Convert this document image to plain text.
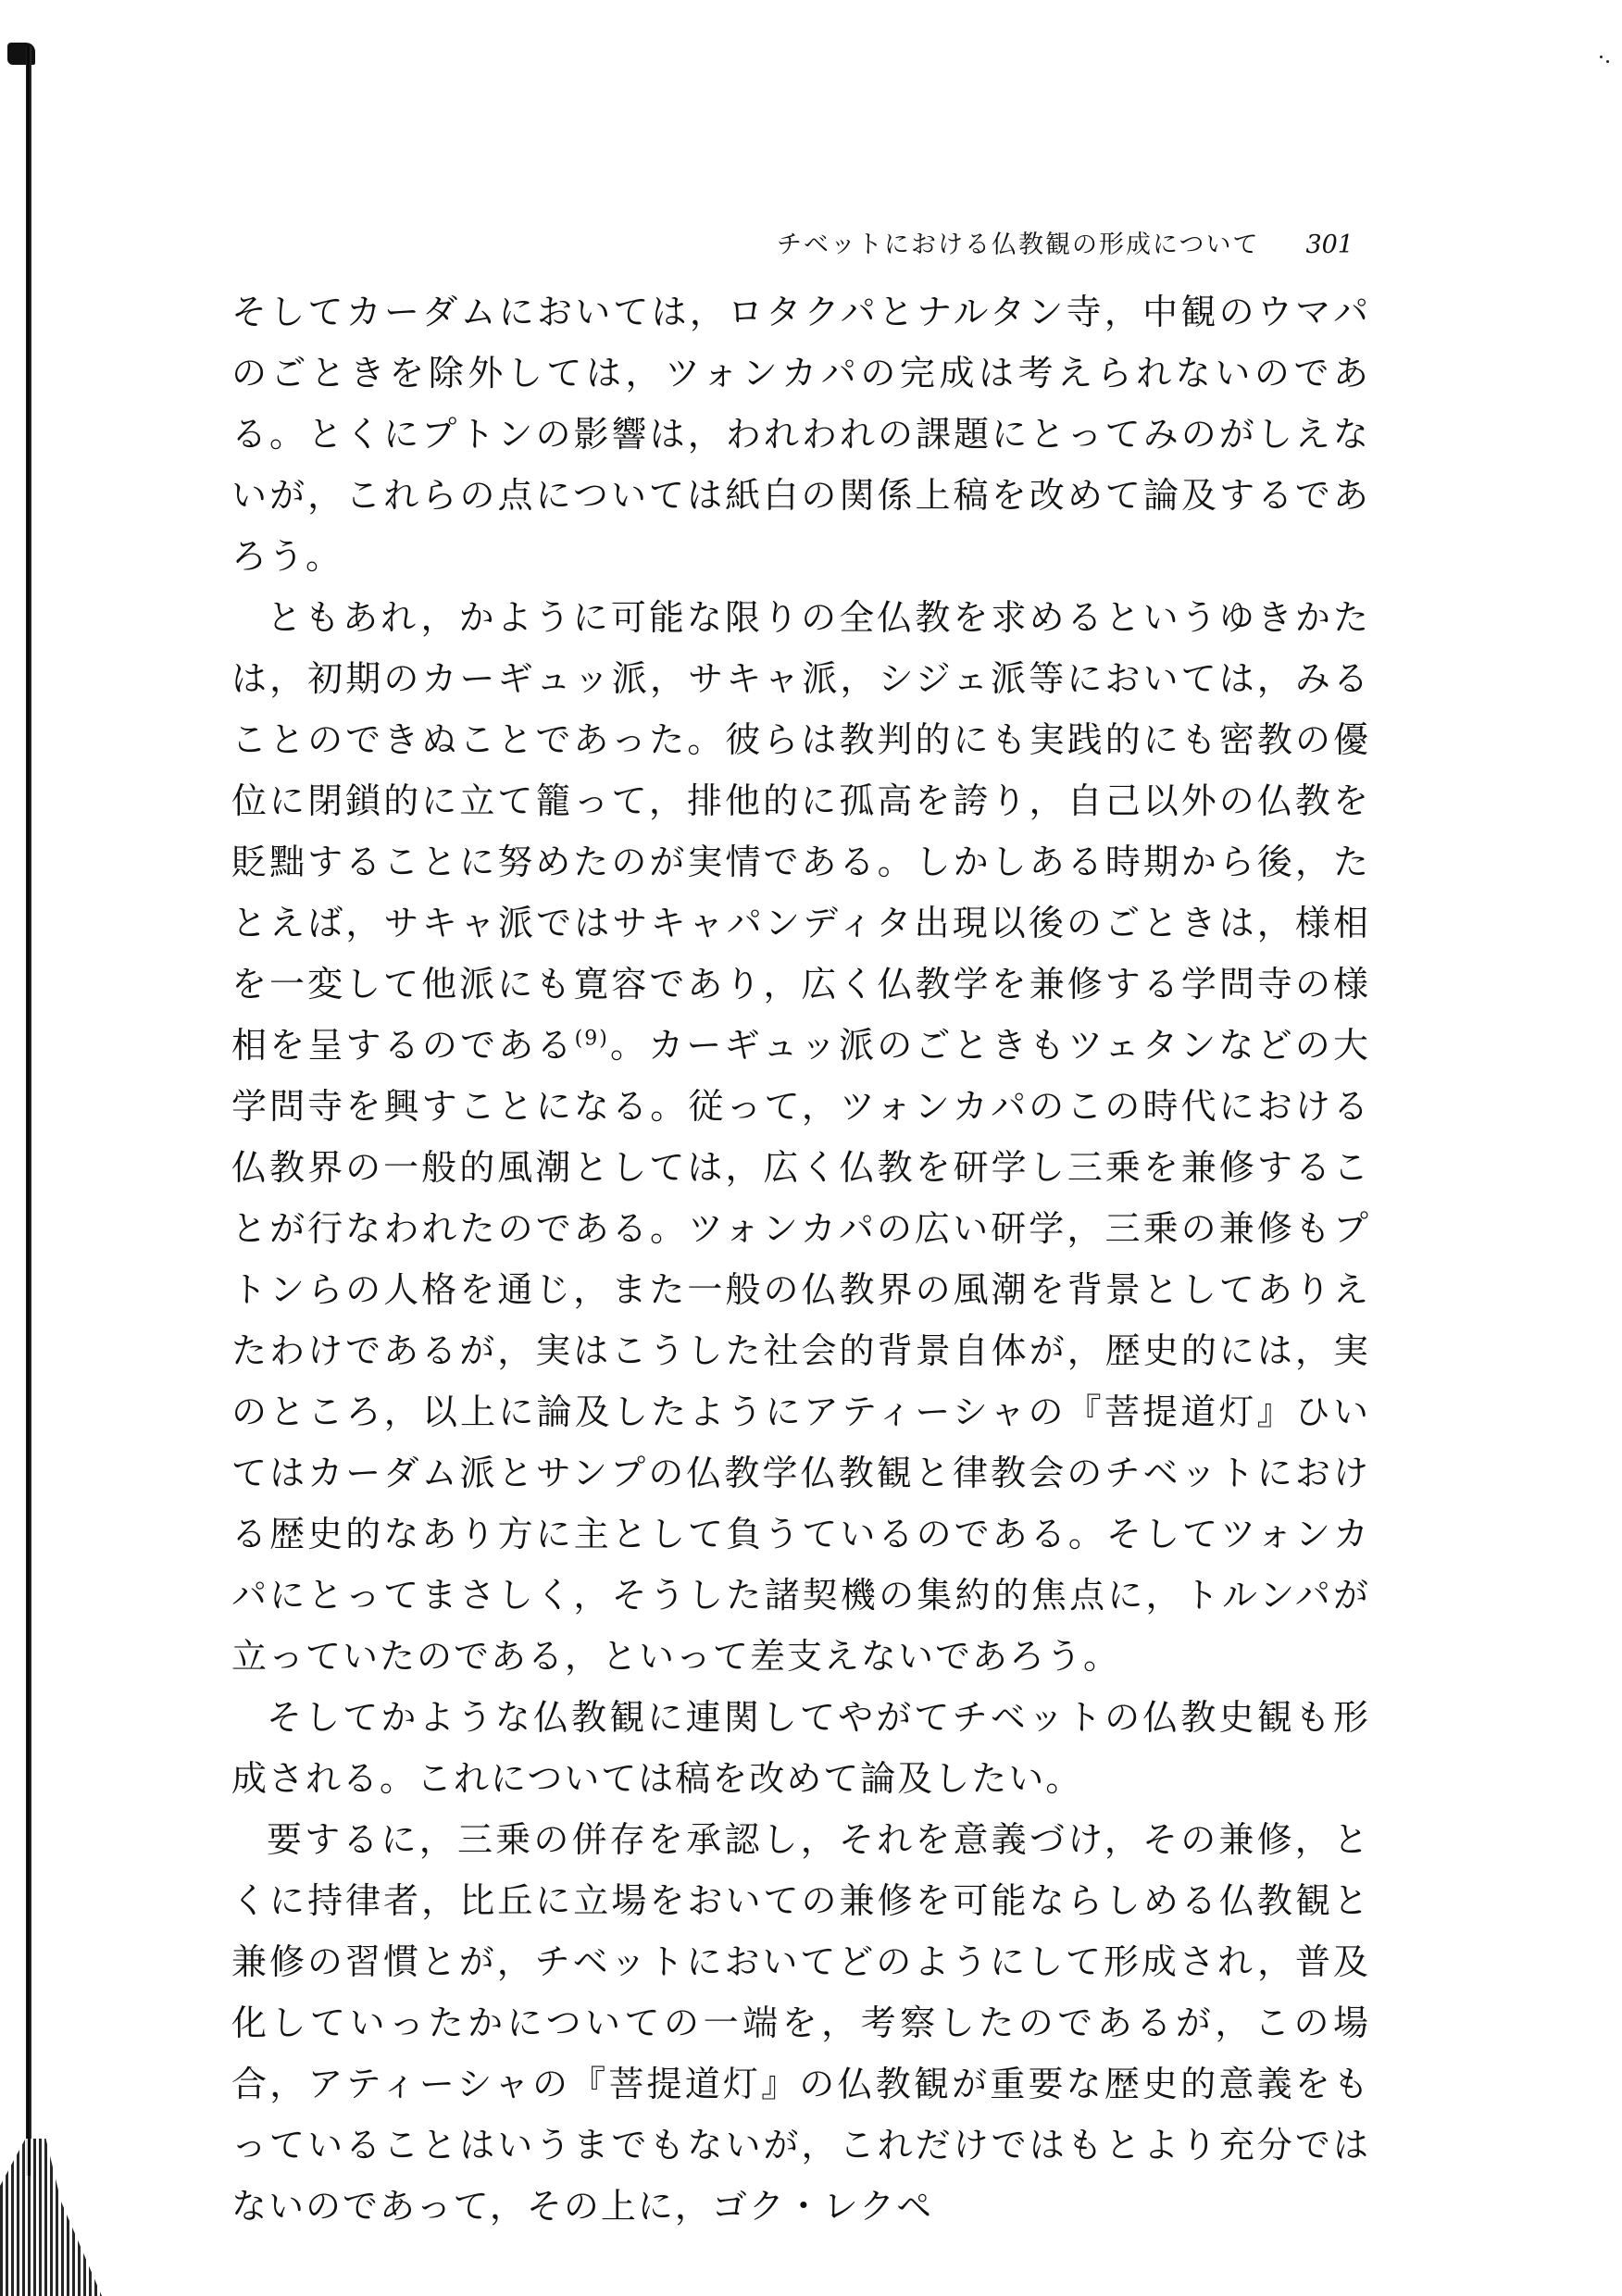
チベットにおける仏教観の形成について 301

そしてカーダムにおいては，ロタクパとナルタン寺，中観のウマパのごときを除外しては，ツォンカパの完成は考えられないのである。とくにプトンの影響は，われわれの課題にとってみのがしえないが，これらの点については紙白の関係上稿を改めて論及するであろう。

ともあれ，かように可能な限りの全仏教を求めるというゆきかたは，初期のカーギュッ派，サキャ派，シジェ派等においては，みることのできぬことであった。彼らは教判的にも実践的にも密教の優位に閉鎖的に立て籠って，排他的に孤高を誇り，自己以外の仏教を貶黜することに努めたのが実情である。しかしある時期から後，たとえば，サキャ派ではサキャパンディタ出現以後のごときは，様相を一変して他派にも寛容であり，広く仏教学を兼修する学問寺の様相を呈するのである$^{(9)}$。カーギュッ派のごときもツェタンなどの大学問寺を興すことになる。従って，ツォンカパのこの時代における仏教界の一般的風潮としては，広く仏教を研学し三乗を兼修することが行なわれたのである。ツォンカパの広い研学，三乗の兼修もプトンらの人格を通じ，また一般の仏教界の風潮を背景としてありえたわけであるが，実はこうした社会的背景自体が，歴史的には，実のところ，以上に論及したようにアティーシャの『菩提道灯』ひいてはカーダム派とサンプの仏教学仏教観と律教会のチベットにおける歴史的なあり方に主として負うているのである。そしてツォンカパにとってまさしく，そうした諸契機の集約的焦点に，トルンパが立っていたのである，といって差支えないであろう。

そしてかような仏教観に連関してやがてチベットの仏教史観も形成される。これについては稿を改めて論及したい。

要するに，三乗の併存を承認し，それを意義づけ，その兼修，とくに持律者，比丘に立場をおいての兼修を可能ならしめる仏教観と兼修の習慣とが，チベットにおいてどのようにして形成され，普及化していったかについての一端を，考察したのであるが，この場合，アティーシャの『菩提道灯』の仏教観が重要な歴史的意義をもっていることはいうまでもないが，これだけではもとより充分ではないのであって，その上に，ゴク・レクペ
